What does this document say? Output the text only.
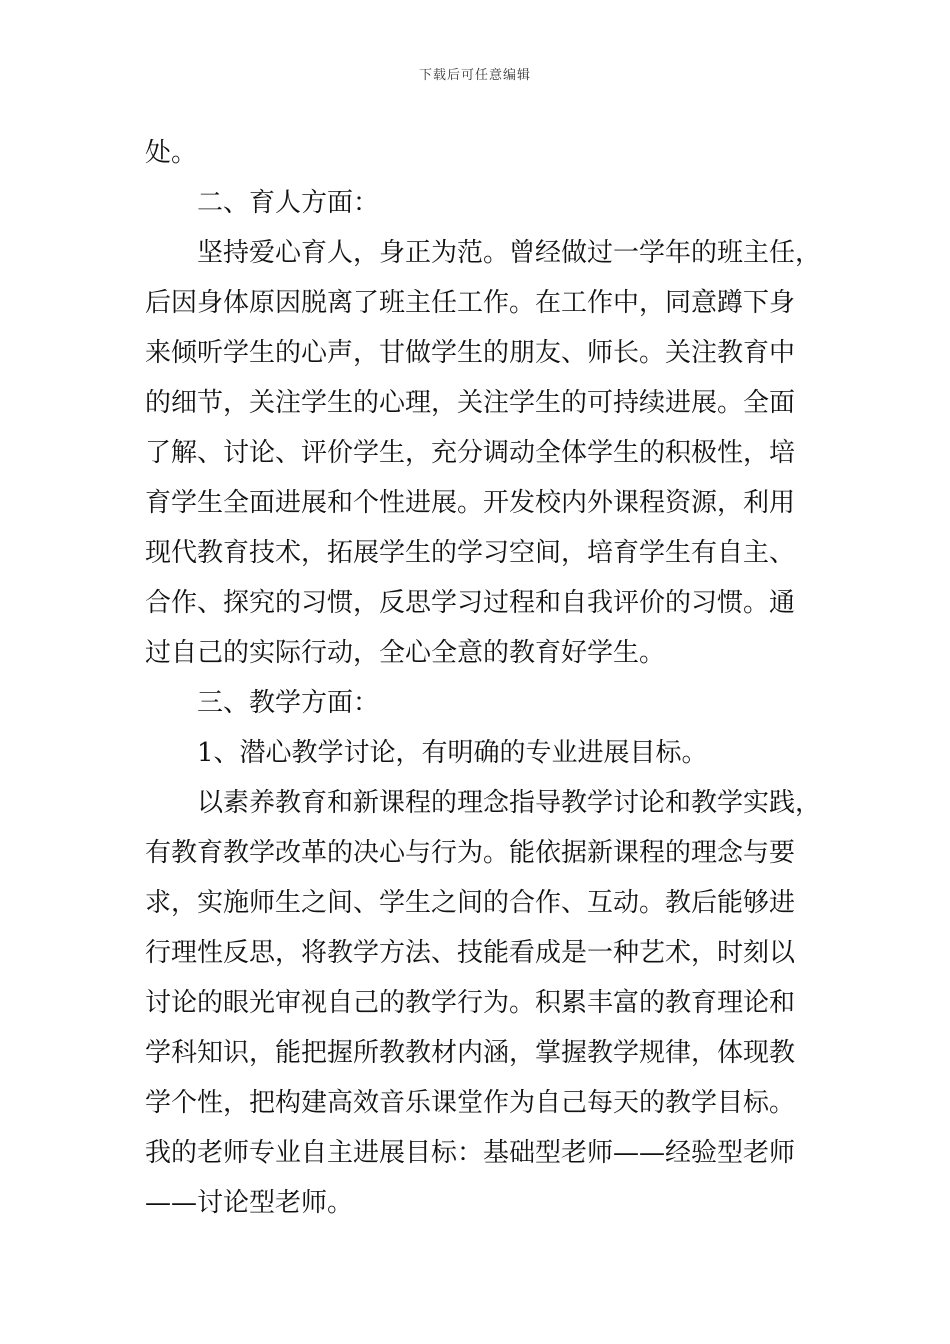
下载后可任意编辑
处。
二、育人方面：
坚持爱心育人，身正为范。曾经做过一学年的班主任，
后因身体原因脱离了班主任工作。在工作中，同意蹲下身
来倾听学生的心声，甘做学生的朋友、师长。关注教育中
的细节，关注学生的心理，关注学生的可持续进展。全面
了解、讨论、评价学生，充分调动全体学生的积极性，培
育学生全面进展和个性进展。开发校内外课程资源，利用
现代教育技术，拓展学生的学习空间，培育学生有自主、
合作、探究的习惯，反思学习过程和自我评价的习惯。通
过自己的实际行动，全心全意的教育好学生。
三、教学方面：
1、潜心教学讨论，有明确的专业进展目标。
以素养教育和新课程的理念指导教学讨论和教学实践，
有教育教学改革的决心与行为。能依据新课程的理念与要
求，实施师生之间、学生之间的合作、互动。教后能够进
行理性反思，将教学方法、技能看成是一种艺术，时刻以
讨论的眼光审视自己的教学行为。积累丰富的教育理论和
学科知识，能把握所教教材内涵，掌握教学规律，体现教
学个性，把构建高效音乐课堂作为自己每天的教学目标。
我的老师专业自主进展目标：基础型老师——经验型老师
——讨论型老师。
